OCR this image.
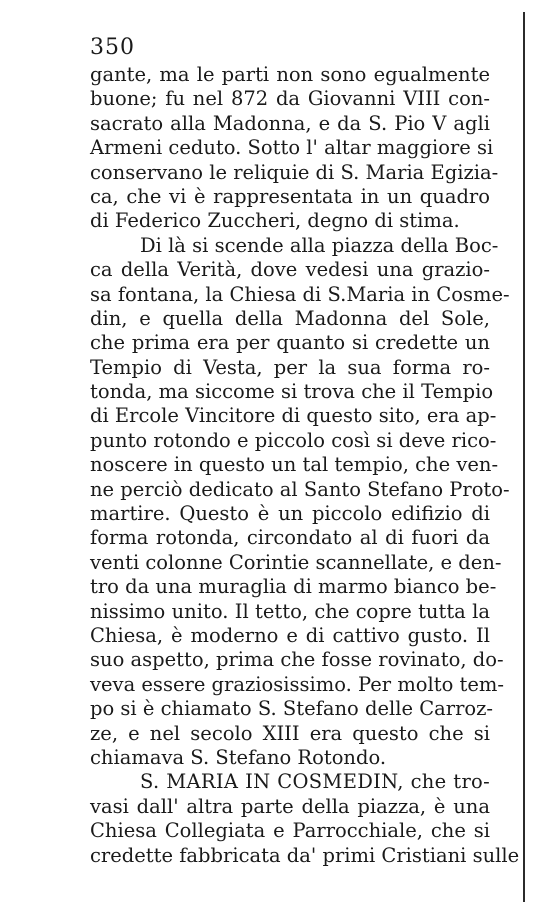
350
gante, ma le parti non sono egualmente
buone; fu nel 872 da Giovanni VIII con-
sacrato alla Madonna, e da S. Pio V agli
Armeni ceduto. Sotto l' altar maggiore si
conservano le reliquie di S. Maria Egizia-
ca, che vi è rappresentata in un quadro
di Federico Zuccheri, degno di stima.
Di là si scende alla piazza della Boc-
ca della Verità, dove vedesi una grazio-
sa fontana, la Chiesa di S.Maria in Cosme-
din, e quella della Madonna del Sole,
che prima era per quanto si credette un
Tempio di Vesta, per la sua forma ro-
tonda, ma siccome si trova che il Tempio
di Ercole Vincitore di questo sito, era ap-
puntо rotondo e piccolo così si deve rico-
noscere in questo un tal tempio, che ven-
ne perciò dedicato al Santo Stefano Proto-
martire. Questo è un piccolo edifizio di
forma rotonda, circondato al di fuori da
venti colonne Corintie scannellate, e den-
tro da una muraglia di marmo bianco be-
nissimo unito. Il tetto, che copre tutta la
Chiesa, è moderno e di cattivo gusto. Il
suo aspetto, prima che fosse rovinato, do-
veva essere graziosissimo. Per molto tem-
po si è chiamato S. Stefano delle Carroz-
ze, e nel secolo XIII era questo che si
chiamava S. Stefano Rotondo.
S. MARIA IN COSMEDIN, che tro-
vasi dall' altra parte della piazza, è una
Chiesa Collegiata e Parrocchiale, che si
credette fabbricata da' primi Cristiani sulle
